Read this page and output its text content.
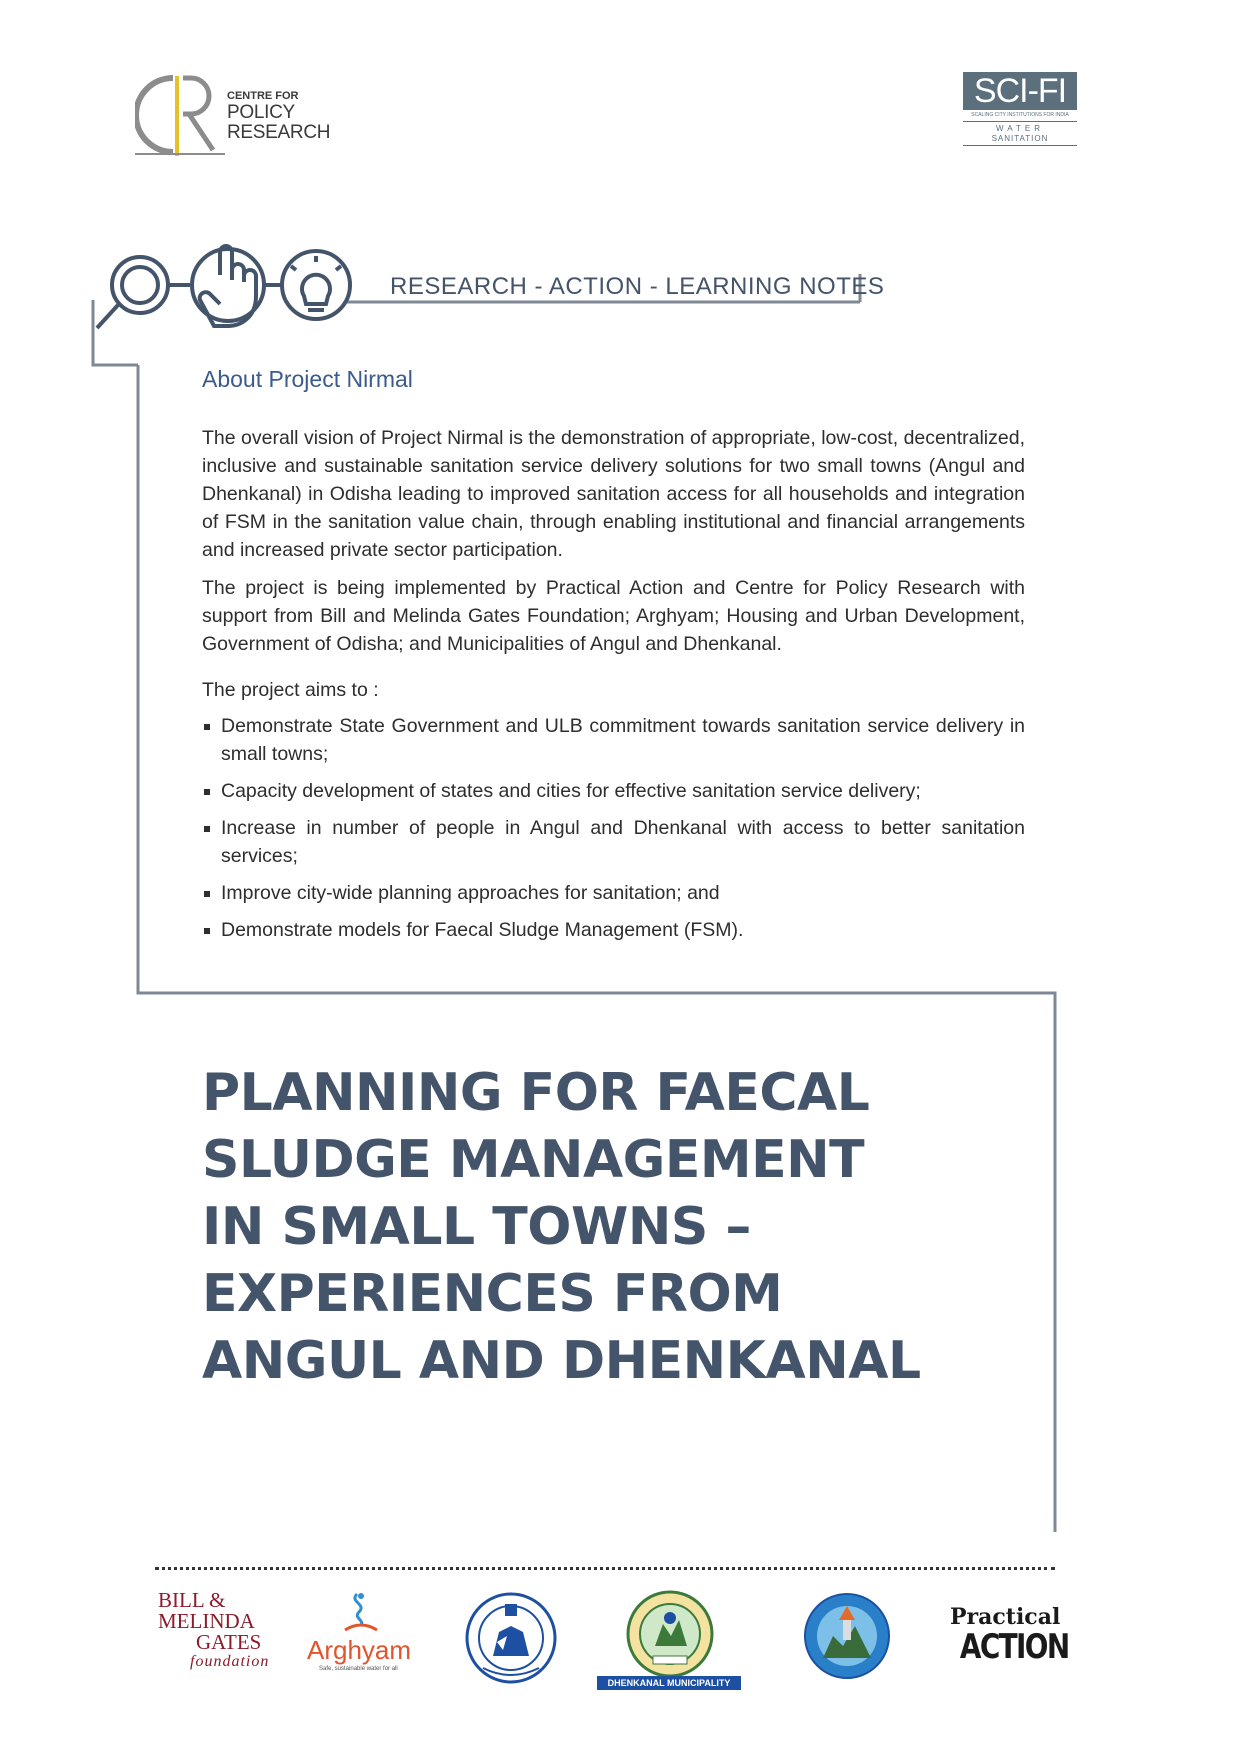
CENTRE FOR
POLICY
RESEARCH
SCI-FI
SCALING CITY INSTITUTIONS FOR INDIA
WATER
SANITATION
RESEARCH - ACTION - LEARNING NOTES
About Project Nirmal

The overall vision of Project Nirmal is the demonstration of appropriate, low-cost, decentralized, inclusive and sustainable sanitation service delivery solutions for two small towns (Angul and Dhenkanal) in Odisha leading to improved sanitation access for all households and integration of FSM in the sanitation value chain, through enabling institutional and financial arrangements and increased private sector participation.

The project is being implemented by Practical Action and Centre for Policy Research with support from Bill and Melinda Gates Foundation; Arghyam; Housing and Urban Development, Government of Odisha; and Municipalities of Angul and Dhenkanal.

The project aims to :

Demonstrate State Government and ULB commitment towards sanitation service delivery in small towns;
Capacity development of states and cities for effective sanitation service delivery;
Increase in number of people in Angul and Dhenkanal with access to better sanitation services;
Improve city-wide planning approaches for sanitation; and
Demonstrate models for Faecal Sludge Management (FSM).
PLANNING FOR FAECAL
SLUDGE MANAGEMENT
IN SMALL TOWNS –
EXPERIENCES FROM
ANGUL AND DHENKANAL
BILL &
MELINDA
GATES
foundation	Arghyam
Safe, sustainable water for all
DHENKANAL MUNICIPALITY
Practical
ACTION
